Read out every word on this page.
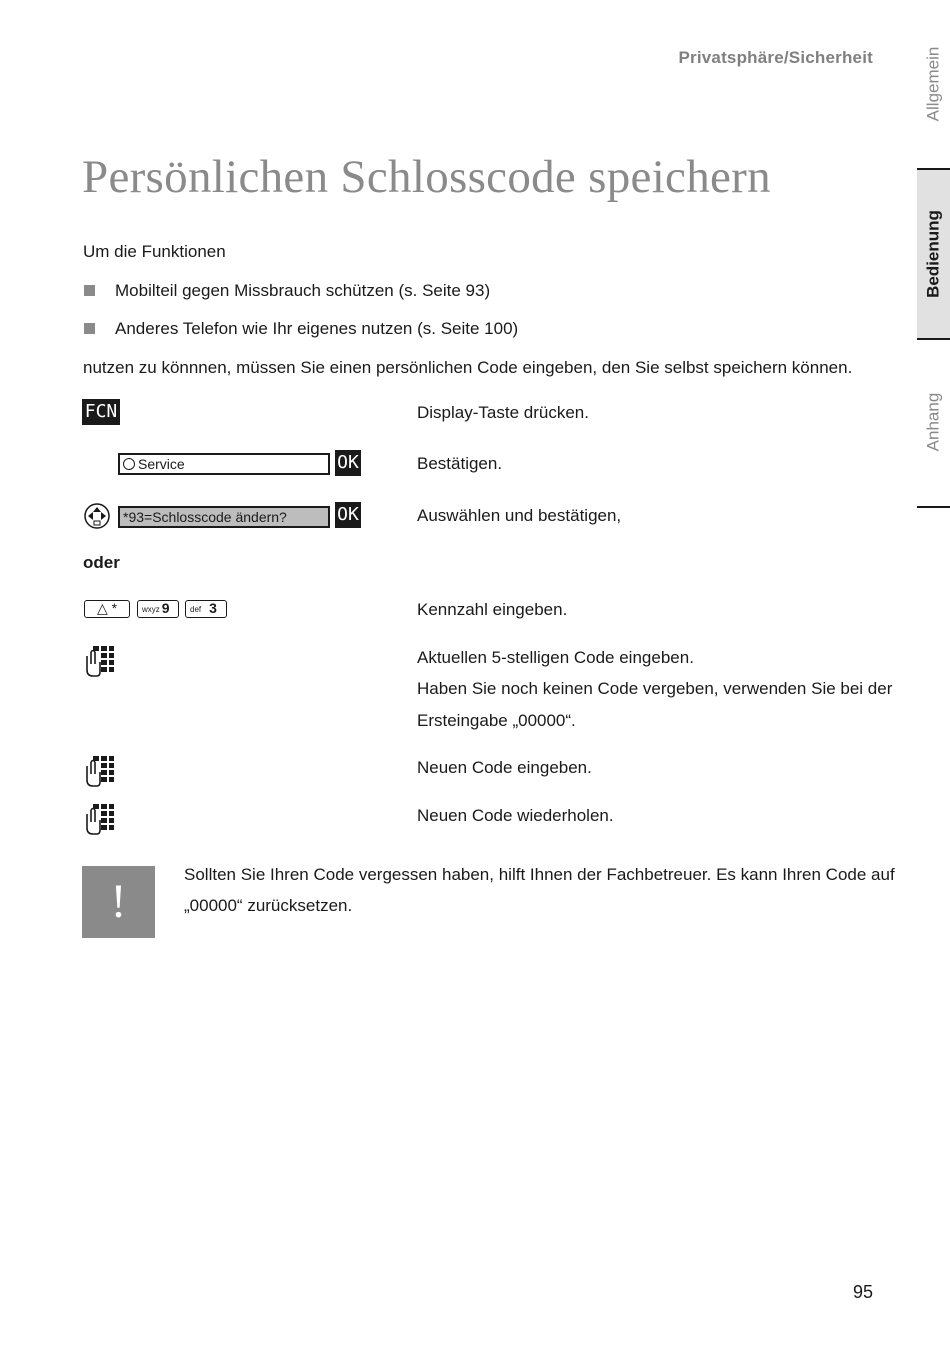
Privatsphäre/Sicherheit	Allgemein
Bedienung
Anhang
Persönlichen Schlosscode speichern
Um die Funktionen
Mobilteil gegen Missbrauch schützen (s. Seite 93)
Anderes Telefon wie Ihr eigenes nutzen (s. Seite 100)
nutzen zu könnnen, müssen Sie einen persönlichen Code eingeben, den Sie selbst speichern können.
FCN	Display-Taste drücken.
Service	OK	Bestätigen.
*93=Schlosscode ändern?	OK	Auswählen und bestätigen,
oder
△ *	wxyz 9	def 3	Kennzahl eingeben.
Aktuellen 5-stelligen Code eingeben.
Haben Sie noch keinen Code vergeben, verwenden Sie bei der
Ersteingabe „00000“.
Neuen Code eingeben.
Neuen Code wiederholen.
!
Sollten Sie Ihren Code vergessen haben, hilft Ihnen der Fachbetreuer. Es kann Ihren Code auf
„00000“ zurücksetzen.
95
